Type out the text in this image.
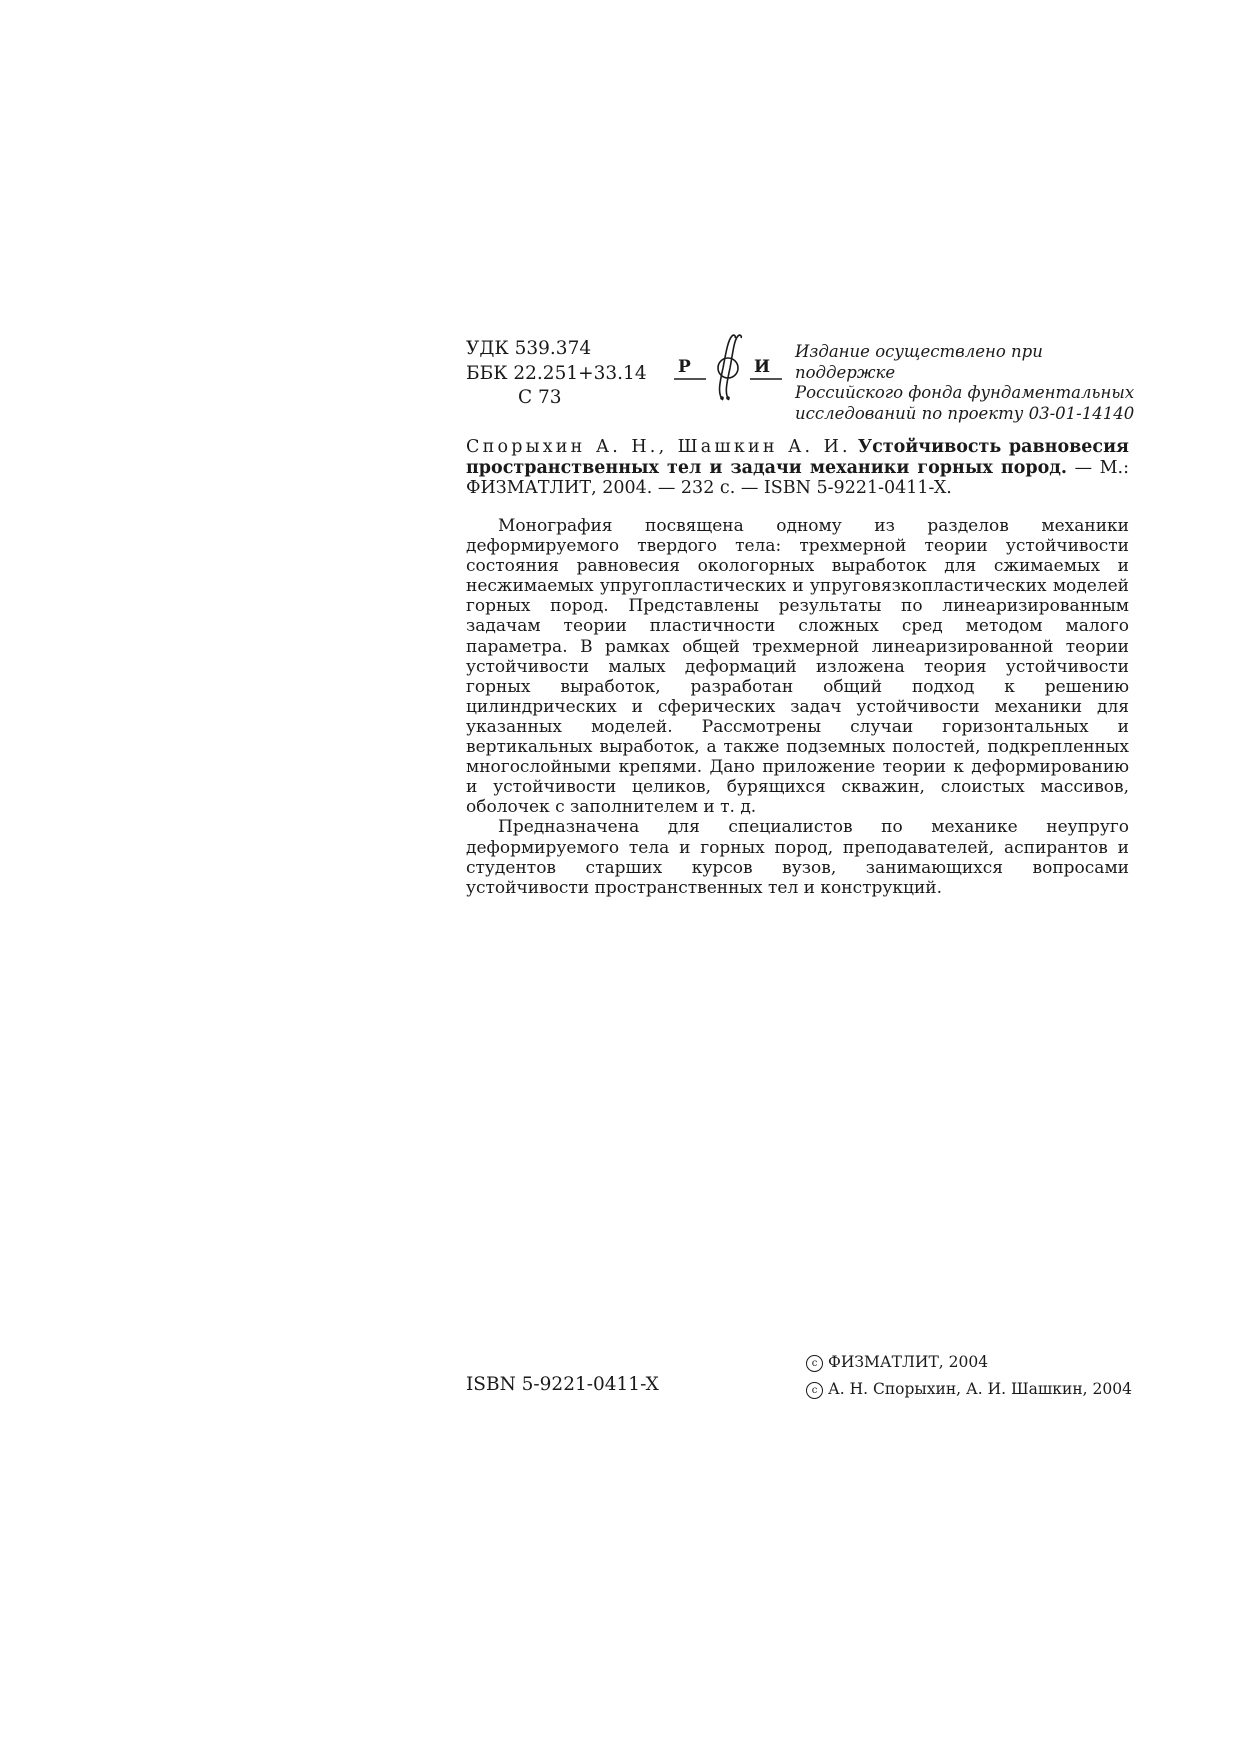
УДК 539.374
ББК 22.251+33.14
С 73
Р	И
Издание осуществлено при поддержке
Российского фонда фундаментальных
исследований по проекту 03-01-14140
Спорыхин А. Н., Шашкин А. И. Устойчивость равновесия пространственных тел и задачи механики горных пород. — М.: ФИЗМАТЛИТ, 2004. — 232 с. — ISBN 5-9221-0411-X.

Монография посвящена одному из разделов механики деформируемого твердого тела: трехмерной теории устойчивости состояния равновесия окологорных выработок для сжимаемых и несжимаемых упругопластических и упруговязкопластических моделей горных пород. Представлены результаты по линеаризированным задачам теории пластичности сложных сред методом малого параметра. В рамках общей трехмерной линеаризированной теории устойчивости малых деформаций изложена теория устойчивости горных выработок, разработан общий подход к решению цилиндрических и сферических задач устойчивости механики для указанных моделей. Рассмотрены случаи горизонтальных и вертикальных выработок, а также подземных полостей, подкрепленных многослойными крепями. Дано приложение теории к деформированию и устойчивости целиков, бурящихся скважин, слоистых массивов, оболочек с заполнителем и т. д.

Предназначена для специалистов по механике неупруго деформируемого тела и горных пород, преподавателей, аспирантов и студентов старших курсов вузов, занимающихся вопросами устойчивости пространственных тел и конструкций.

ISBN 5-9221-0411-X
c ФИЗМАТЛИТ, 2004
c А. Н. Спорыхин, А. И. Шашкин, 2004
